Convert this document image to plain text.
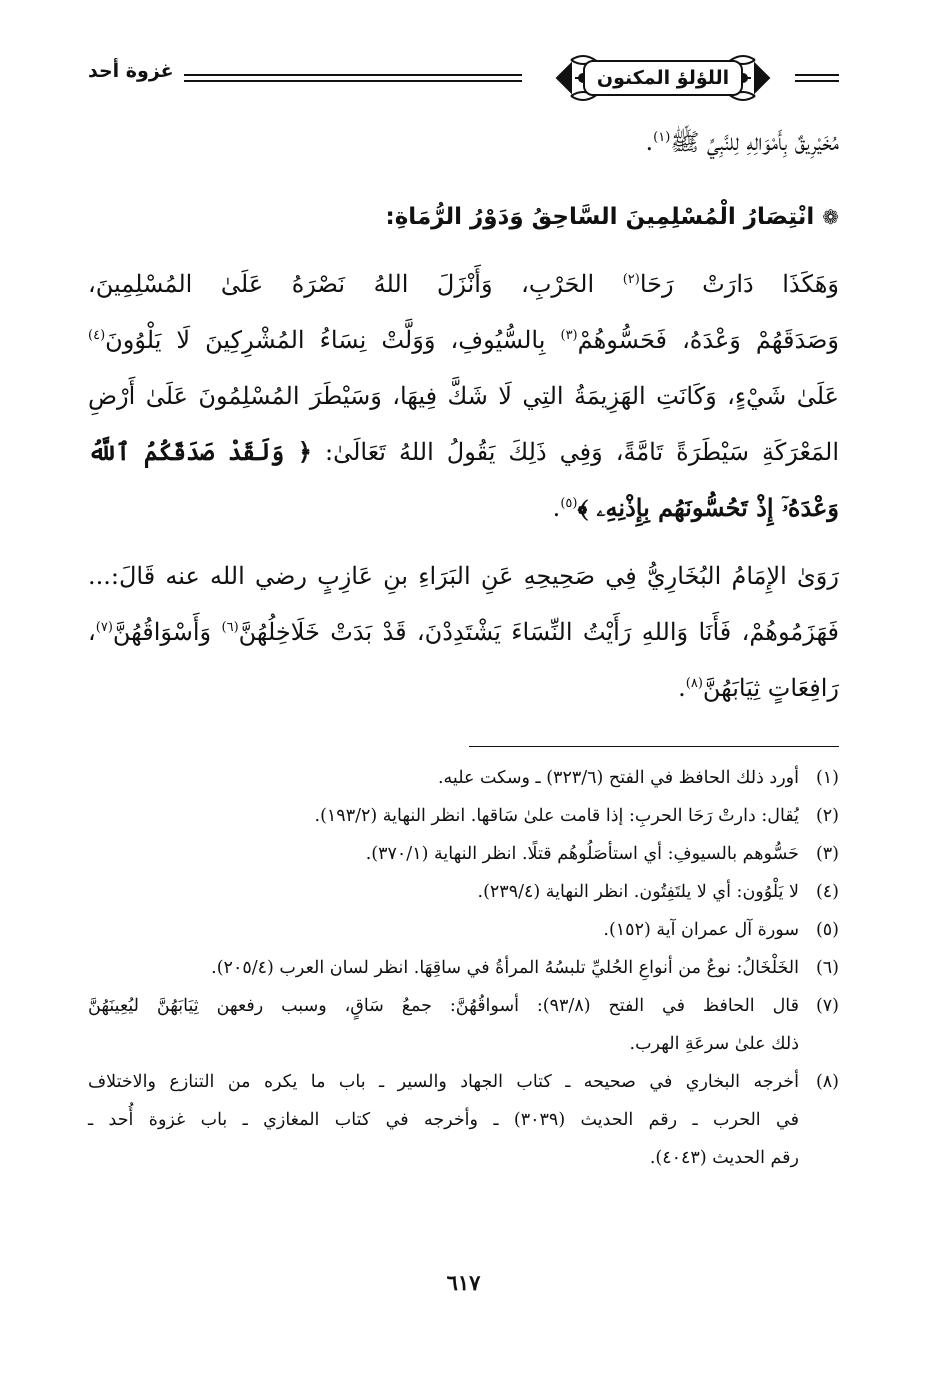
اللؤلؤ المكنون
غزوة أحد
مُخَيْرِيقٌ بِأَمْوَالِهِ لِلنَّبِيِّ ﷺ$^{(١)}$.
❁انْتِصَارُ الْمُسْلِمِينَ السَّاحِقُ وَدَوْرُ الرُّمَاةِ:
وَهَكَذَا دَارَتْ رَحَا$^{(٢)}$ الحَرْبِ، وَأَنْزَلَ اللهُ نَصْرَهُ عَلَىٰ المُسْلِمِينَ،
وَصَدَقَهُمْ وَعْدَهُ، فَحَسُّوهُمْ$^{(٣)}$ بِالسُّيُوفِ، وَوَلَّتْ نِسَاءُ المُشْرِكِينَ لَا يَلْوُونَ$^{(٤)}$
عَلَىٰ شَيْءٍ، وَكَانَتِ الهَزِيمَةُ التِي لَا شَكَّ فِيهَا، وَسَيْطَرَ المُسْلِمُونَ عَلَىٰ أَرْضِ
المَعْرَكَةِ سَيْطَرَةً تَامَّةً، وَفِي ذَلِكَ يَقُولُ اللهُ تَعَالَىٰ: ﴿ وَلَقَدْ صَدَقَكُمُ ٱللَّهُ
وَعْدَهُۥٓ إِذْ تَحُسُّونَهُم بِإِذْنِهِۦ ﴾$^{(٥)}$.
رَوَىٰ الإِمَامُ البُخَارِيُّ فِي صَحِيحِهِ عَنِ البَرَاءِ بنِ عَازِبٍ رضي الله عنه قَالَ:...
فَهَزَمُوهُمْ، فَأَنَا وَاللهِ رَأَيْتُ النِّسَاءَ يَشْتَدِدْنَ، قَدْ بَدَتْ خَلَاخِلُهُنَّ$^{(٦)}$ وَأَسْوَاقُهُنَّ$^{(٧)}$،
رَافِعَاتٍ ثِيَابَهُنَّ$^{(٨)}$.
(١)
أورد ذلك الحافظ في الفتح (٣٢٣/٦) ـ وسكت عليه.
(٢)
يُقال: دارتْ رَحَا الحربِ: إذا قامت علىٰ سَاقها. انظر النهاية (١٩٣/٢).
(٣)
حَسُّوهم بالسيوفِ: أي استأصَلُوهُم قتلًا. انظر النهاية (٣٧٠/١).
(٤)
لا يَلْوُون: أي لا يلتَفِتُون. انظر النهاية (٢٣٩/٤).
(٥)
سورة آل عمران آية (١٥٢).
(٦)
الخَلْخَالُ: نوعٌ من أنواعِ الحُليِّ تلبسُهُ المرأةُ في ساقِهَا. انظر لسان العرب (٢٠٥/٤).
(٧)
قال الحافظ في الفتح (٩٣/٨): أسواقُهُنَّ: جمعُ سَاقٍ، وسبب رفعهن ثِيَابَهُنَّ ليُعِينَهُنَّ
ذلك علىٰ سرعَةِ الهرب.
(٨)
أخرجه البخاري في صحيحه ـ كتاب الجهاد والسير ـ باب ما يكره من التنازع والاختلاف
في الحرب ـ رقم الحديث (٣٠٣٩) ـ وأخرجه في كتاب المغازي ـ باب غزوة أُحد ـ
رقم الحديث (٤٠٤٣).
٦١٧
